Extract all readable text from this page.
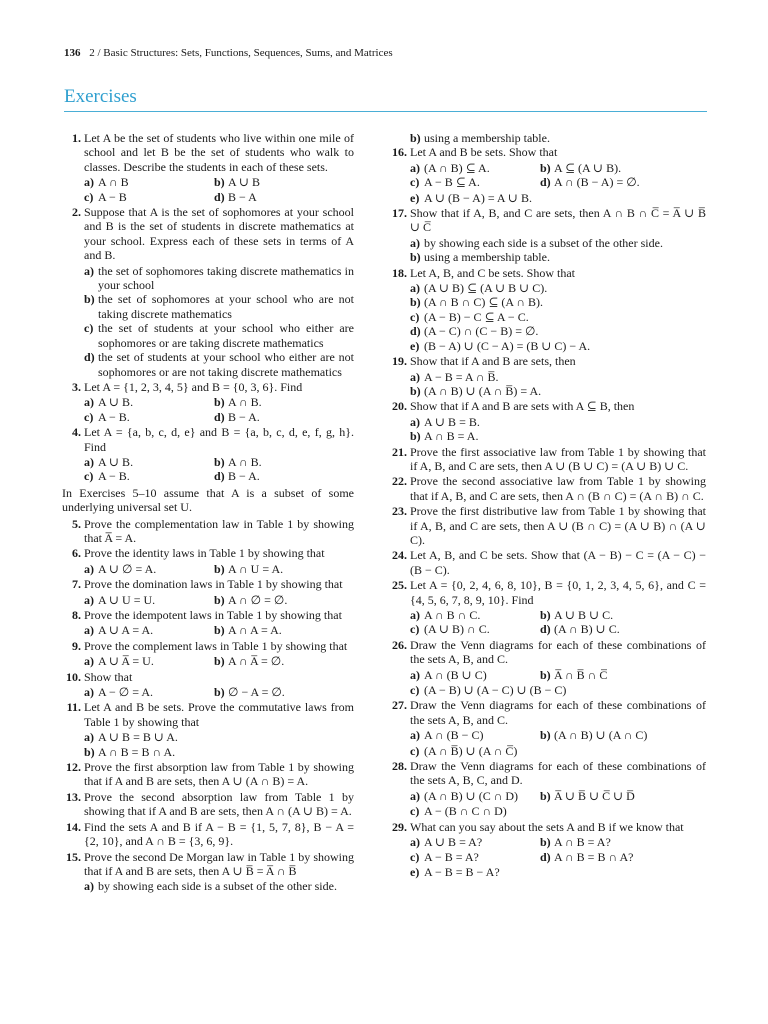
136 2 / Basic Structures: Sets, Functions, Sequences, Sums, and Matrices
Exercises
1. Let A be the set of students who live within one mile of school and let B be the set of students who walk to classes. Describe the students in each of these sets.
a) A ∩ B	b) A ∪ B
c) A − B	d) B − A
2. Suppose that A is the set of sophomores at your school and B is the set of students in discrete mathematics at your school. Express each of these sets in terms of A and B.
a) the set of sophomores taking discrete mathematics in your school
b) the set of sophomores at your school who are not taking discrete mathematics
c) the set of students at your school who either are sophomores or are taking discrete mathematics
d) the set of students at your school who either are not sophomores or are not taking discrete mathematics
3. Let A = {1, 2, 3, 4, 5} and B = {0, 3, 6}. Find
a) A ∪ B.	b) A ∩ B.
c) A − B.	d) B − A.
4. Let A = {a, b, c, d, e} and B = {a, b, c, d, e, f, g, h}. Find
a) A ∪ B.	b) A ∩ B.
c) A − B.	d) B − A.
In Exercises 5–10 assume that A is a subset of some underlying universal set U.
5. Prove the complementation law in Table 1 by showing that A̅̅ = A.
6. Prove the identity laws in Table 1 by showing that
a) A ∪ ∅ = A.	b) A ∩ U = A.
7. Prove the domination laws in Table 1 by showing that
a) A ∪ U = U.	b) A ∩ ∅ = ∅.
8. Prove the idempotent laws in Table 1 by showing that
a) A ∪ A = A.	b) A ∩ A = A.
9. Prove the complement laws in Table 1 by showing that
a) A ∪ A̅ = U.	b) A ∩ A̅ = ∅.
10. Show that
a) A − ∅ = A.	b) ∅ − A = ∅.
11. Let A and B be sets. Prove the commutative laws from Table 1 by showing that
a) A ∪ B = B ∪ A.
b) A ∩ B = B ∩ A.
12. Prove the first absorption law from Table 1 by showing that if A and B are sets, then A ∪ (A ∩ B) = A.
13. Prove the second absorption law from Table 1 by showing that if A and B are sets, then A ∩ (A ∪ B) = A.
14. Find the sets A and B if A − B = {1, 5, 7, 8}, B − A = {2, 10}, and A ∩ B = {3, 6, 9}.
15. Prove the second De Morgan law in Table 1 by showing that if A and B are sets, then A ∪ B̅ = A̅ ∩ B̅
a) by showing each side is a subset of the other side.
b) using a membership table.
16. Let A and B be sets. Show that
a) (A ∩ B) ⊆ A.	b) A ⊆ (A ∪ B).
c) A − B ⊆ A.	d) A ∩ (B − A) = ∅.
e) A ∪ (B − A) = A ∪ B.
17. Show that if A, B, and C are sets, then A ∩ B ∩ C̅ = A̅ ∪ B̅ ∪ C̅
a) by showing each side is a subset of the other side.
b) using a membership table.
18. Let A, B, and C be sets. Show that
a) (A ∪ B) ⊆ (A ∪ B ∪ C).
b) (A ∩ B ∩ C) ⊆ (A ∩ B).
c) (A − B) − C ⊆ A − C.
d) (A − C) ∩ (C − B) = ∅.
e) (B − A) ∪ (C − A) = (B ∪ C) − A.
19. Show that if A and B are sets, then
a) A − B = A ∩ B̅.
b) (A ∩ B) ∪ (A ∩ B̅) = A.
20. Show that if A and B are sets with A ⊆ B, then
a) A ∪ B = B.
b) A ∩ B = A.
21. Prove the first associative law from Table 1 by showing that if A, B, and C are sets, then A ∪ (B ∪ C) = (A ∪ B) ∪ C.
22. Prove the second associative law from Table 1 by showing that if A, B, and C are sets, then A ∩ (B ∩ C) = (A ∩ B) ∩ C.
23. Prove the first distributive law from Table 1 by showing that if A, B, and C are sets, then A ∪ (B ∩ C) = (A ∪ B) ∩ (A ∪ C).
24. Let A, B, and C be sets. Show that (A − B) − C = (A − C) − (B − C).
25. Let A = {0, 2, 4, 6, 8, 10}, B = {0, 1, 2, 3, 4, 5, 6}, and C = {4, 5, 6, 7, 8, 9, 10}. Find
a) A ∩ B ∩ C.	b) A ∪ B ∪ C.
c) (A ∪ B) ∩ C.	d) (A ∩ B) ∪ C.
26. Draw the Venn diagrams for each of these combinations of the sets A, B, and C.
a) A ∩ (B ∪ C)	b) A̅ ∩ B̅ ∩ C̅
c) (A − B) ∪ (A − C) ∪ (B − C)
27. Draw the Venn diagrams for each of these combinations of the sets A, B, and C.
a) A ∩ (B − C)	b) (A ∩ B) ∪ (A ∩ C)
c) (A ∩ B̅) ∪ (A ∩ C̅)
28. Draw the Venn diagrams for each of these combinations of the sets A, B, C, and D.
a) (A ∩ B) ∪ (C ∩ D)	b) A̅ ∪ B̅ ∪ C̅ ∪ D̅
c) A − (B ∩ C ∩ D)
29. What can you say about the sets A and B if we know that
a) A ∪ B = A?	b) A ∩ B = A?
c) A − B = A?	d) A ∩ B = B ∩ A?
e) A − B = B − A?
